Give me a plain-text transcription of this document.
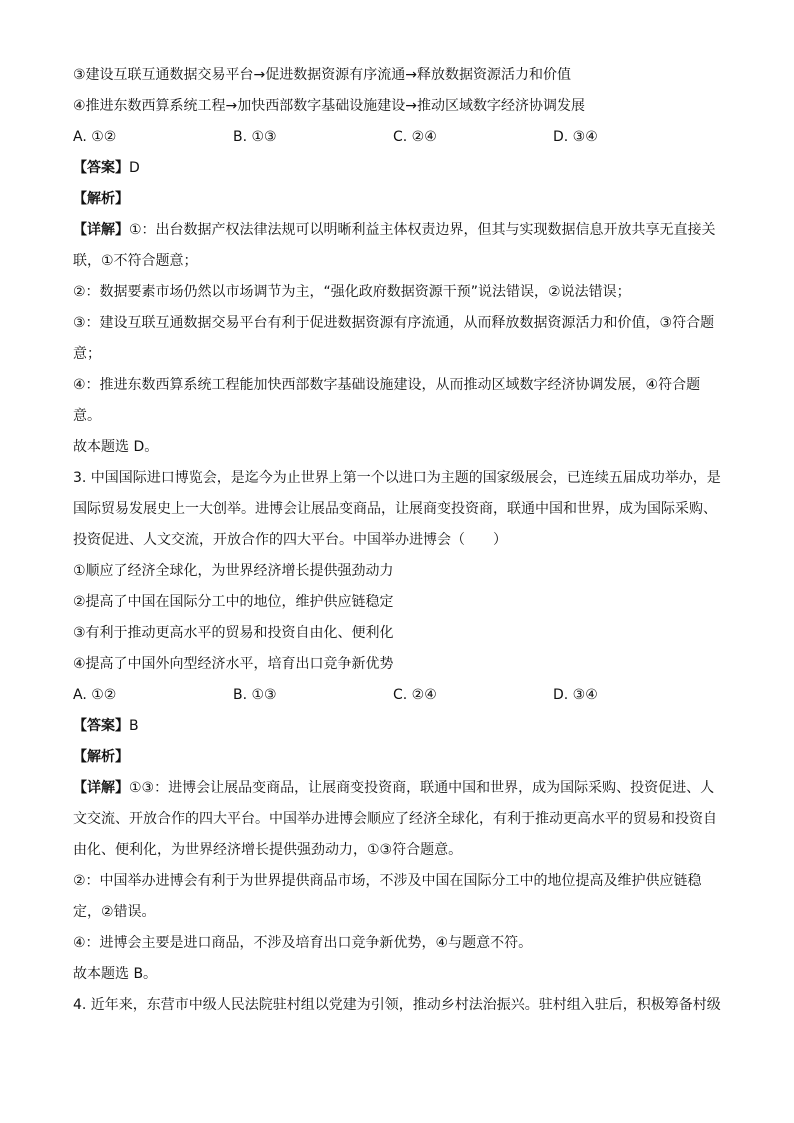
③建设互联互通数据交易平台→促进数据资源有序流通→释放数据资源活力和价值
④推进东数西算系统工程→加快西部数字基础设施建设→推动区域数字经济协调发展
A. ①②	B. ①③	C. ②④	D. ③④
【答案】D
【解析】
【详解】①：出台数据产权法律法规可以明晰利益主体权责边界，但其与实现数据信息开放共享无直接关
联，①不符合题意；
②：数据要素市场仍然以市场调节为主，“强化政府数据资源干预”说法错误，②说法错误；
③：建设互联互通数据交易平台有利于促进数据资源有序流通，从而释放数据资源活力和价值，③符合题
意；
④：推进东数西算系统工程能加快西部数字基础设施建设，从而推动区域数字经济协调发展，④符合题
意。
故本题选 D。
3. 中国国际进口博览会，是迄今为止世界上第一个以进口为主题的国家级展会，已连续五届成功举办，是
国际贸易发展史上一大创举。进博会让展品变商品，让展商变投资商，联通中国和世界，成为国际采购、
投资促进、人文交流，开放合作的四大平台。中国举办进博会（　　）
①顺应了经济全球化，为世界经济增长提供强劲动力
②提高了中国在国际分工中的地位，维护供应链稳定
③有利于推动更高水平的贸易和投资自由化、便利化
④提高了中国外向型经济水平，培育出口竞争新优势
A. ①②	B. ①③	C. ②④	D. ③④
【答案】B
【解析】
【详解】①③：进博会让展品变商品，让展商变投资商，联通中国和世界，成为国际采购、投资促进、人
文交流、开放合作的四大平台。中国举办进博会顺应了经济全球化，有利于推动更高水平的贸易和投资自
由化、便利化，为世界经济增长提供强劲动力，①③符合题意。
②：中国举办进博会有利于为世界提供商品市场，不涉及中国在国际分工中的地位提高及维护供应链稳
定，②错误。
④：进博会主要是进口商品，不涉及培育出口竞争新优势，④与题意不符。
故本题选 B。
4. 近年来，东营市中级人民法院驻村组以党建为引领，推动乡村法治振兴。驻村组入驻后，积极筹备村级
